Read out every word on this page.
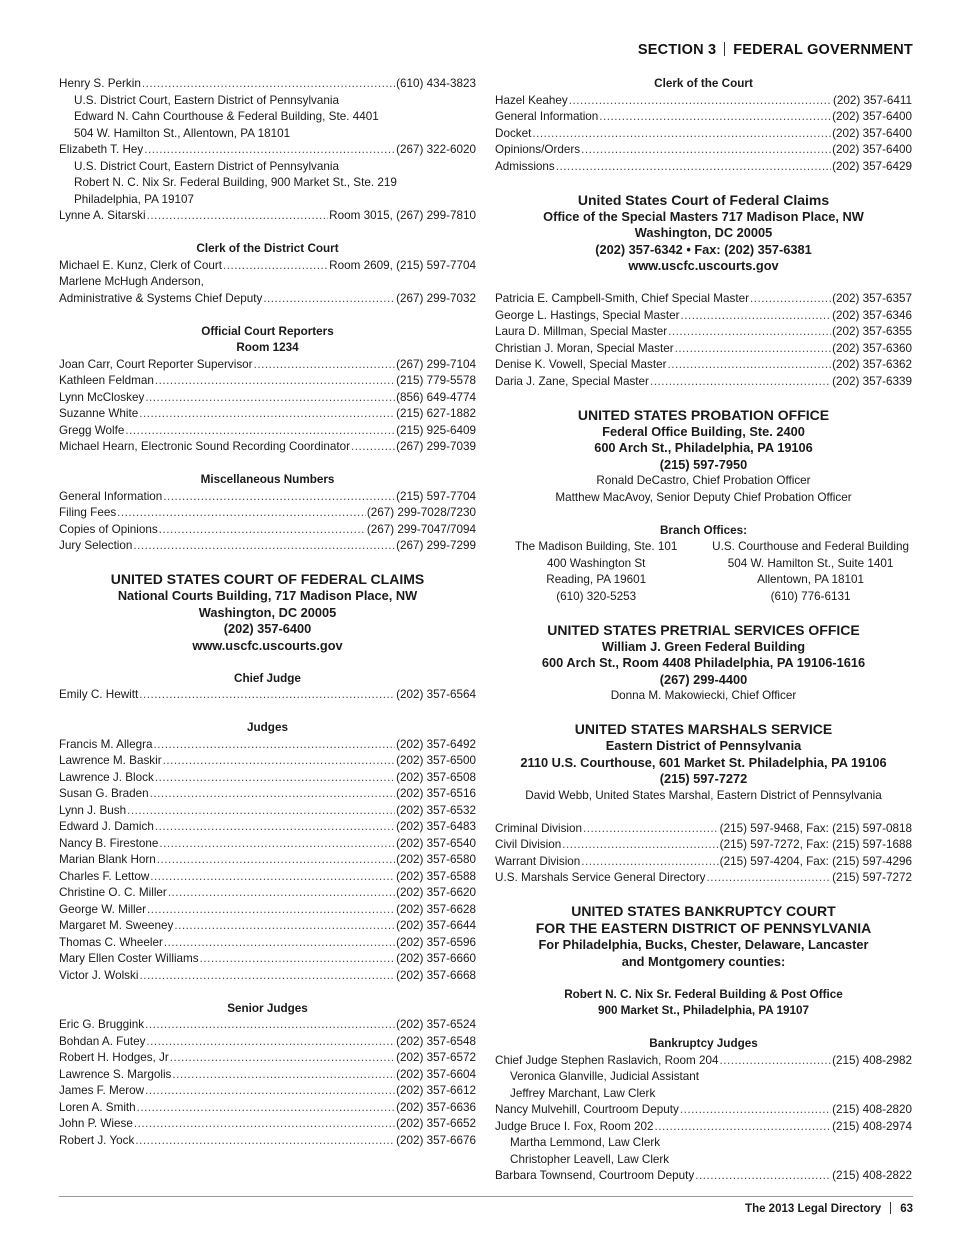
SECTION 3 FEDERAL GOVERNMENT
Henry S. Perkin .....	(610) 434-3823
U.S. District Court, Eastern District of Pennsylvania
Edward N. Cahn Courthouse & Federal Building, Ste. 4401
504 W. Hamilton St., Allentown, PA 18101
Elizabeth T. Hey .....	(267) 322-6020
U.S. District Court, Eastern District of Pennsylvania
Robert N. C. Nix Sr. Federal Building, 900 Market St., Ste. 219
Philadelphia, PA 19107
Lynne A. Sitarski .....	Room 3015, (267) 299-7810
Clerk of the District Court
Michael E. Kunz, Clerk of Court .....	Room 2609, (215) 597-7704
Marlene McHugh Anderson,
Administrative & Systems Chief Deputy .....	(267) 299-7032
Official Court Reporters
Room 1234
Joan Carr, Court Reporter Supervisor .....	(267) 299-7104
Kathleen Feldman .....	(215) 779-5578
Lynn McCloskey .....	(856) 649-4774
Suzanne White .....	(215) 627-1882
Gregg Wolfe .....	(215) 925-6409
Michael Hearn, Electronic Sound Recording Coordinator .....	(267) 299-7039
Miscellaneous Numbers
General Information .....	(215) 597-7704
Filing Fees .....	(267) 299-7028/7230
Copies of Opinions .....	(267) 299-7047/7094
Jury Selection .....	(267) 299-7299
UNITED STATES COURT OF FEDERAL CLAIMS
National Courts Building, 717 Madison Place, NW
Washington, DC 20005
(202) 357-6400
www.uscfc.uscourts.gov
Chief Judge
Emily C. Hewitt .....	(202) 357-6564
Judges
Francis M. Allegra .....	(202) 357-6492
Lawrence M. Baskir .....	(202) 357-6500
Lawrence J. Block .....	(202) 357-6508
Susan G. Braden .....	(202) 357-6516
Lynn J. Bush .....	(202) 357-6532
Edward J. Damich .....	(202) 357-6483
Nancy B. Firestone .....	(202) 357-6540
Marian Blank Horn .....	(202) 357-6580
Charles F. Lettow .....	(202) 357-6588
Christine O. C. Miller .....	(202) 357-6620
George W. Miller .....	(202) 357-6628
Margaret M. Sweeney .....	(202) 357-6644
Thomas C. Wheeler .....	(202) 357-6596
Mary Ellen Coster Williams .....	(202) 357-6660
Victor J. Wolski .....	(202) 357-6668
Senior Judges
Eric G. Bruggink .....	(202) 357-6524
Bohdan A. Futey .....	(202) 357-6548
Robert H. Hodges, Jr .....	(202) 357-6572
Lawrence S. Margolis .....	(202) 357-6604
James F. Merow .....	(202) 357-6612
Loren A. Smith .....	(202) 357-6636
John P. Wiese .....	(202) 357-6652
Robert J. Yock .....	(202) 357-6676
Clerk of the Court
Hazel Keahey .....	(202) 357-6411
General Information .....	(202) 357-6400
Docket .....	(202) 357-6400
Opinions/Orders .....	(202) 357-6400
Admissions .....	(202) 357-6429
United States Court of Federal Claims
Office of the Special Masters 717 Madison Place, NW
Washington, DC 20005
(202) 357-6342 • Fax: (202) 357-6381
www.uscfc.uscourts.gov
Patricia E. Campbell-Smith, Chief Special Master .....	(202) 357-6357
George L. Hastings, Special Master .....	(202) 357-6346
Laura D. Millman, Special Master .....	(202) 357-6355
Christian J. Moran, Special Master .....	(202) 357-6360
Denise K. Vowell, Special Master .....	(202) 357-6362
Daria J. Zane, Special Master .....	(202) 357-6339
UNITED STATES PROBATION OFFICE
Federal Office Building, Ste. 2400
600 Arch St., Philadelphia, PA 19106
(215) 597-7950
Ronald DeCastro, Chief Probation Officer
Matthew MacAvoy, Senior Deputy Chief Probation Officer
Branch Offices:
The Madison Building, Ste. 101
400 Washington St
Reading, PA 19601
(610) 320-5253
U.S. Courthouse and Federal Building
504 W. Hamilton St., Suite 1401
Allentown, PA 18101
(610) 776-6131
UNITED STATES PRETRIAL SERVICES OFFICE
William J. Green Federal Building
600 Arch St., Room 4408 Philadelphia, PA 19106-1616
(267) 299-4400
Donna M. Makowiecki, Chief Officer
UNITED STATES MARSHALS SERVICE
Eastern District of Pennsylvania
2110 U.S. Courthouse, 601 Market St. Philadelphia, PA 19106
(215) 597-7272
David Webb, United States Marshal, Eastern District of Pennsylvania
Criminal Division .....	(215) 597-9468, Fax: (215) 597-0818
Civil Division .....	(215) 597-7272, Fax: (215) 597-1688
Warrant Division .....	(215) 597-4204, Fax: (215) 597-4296
U.S. Marshals Service General Directory .....	(215) 597-7272
UNITED STATES BANKRUPTCY COURT
FOR THE EASTERN DISTRICT OF PENNSYLVANIA
For Philadelphia, Bucks, Chester, Delaware, Lancaster
and Montgomery counties:
Robert N. C. Nix Sr. Federal Building & Post Office
900 Market St., Philadelphia, PA 19107
Bankruptcy Judges
Chief Judge Stephen Raslavich, Room 204 .....	(215) 408-2982
Veronica Glanville, Judicial Assistant
Jeffrey Marchant, Law Clerk
Nancy Mulvehill, Courtroom Deputy .....	(215) 408-2820
Judge Bruce I. Fox, Room 202 .....	(215) 408-2974
Martha Lemmond, Law Clerk
Christopher Leavell, Law Clerk
Barbara Townsend, Courtroom Deputy .....	(215) 408-2822
The 2013 Legal Directory 63
